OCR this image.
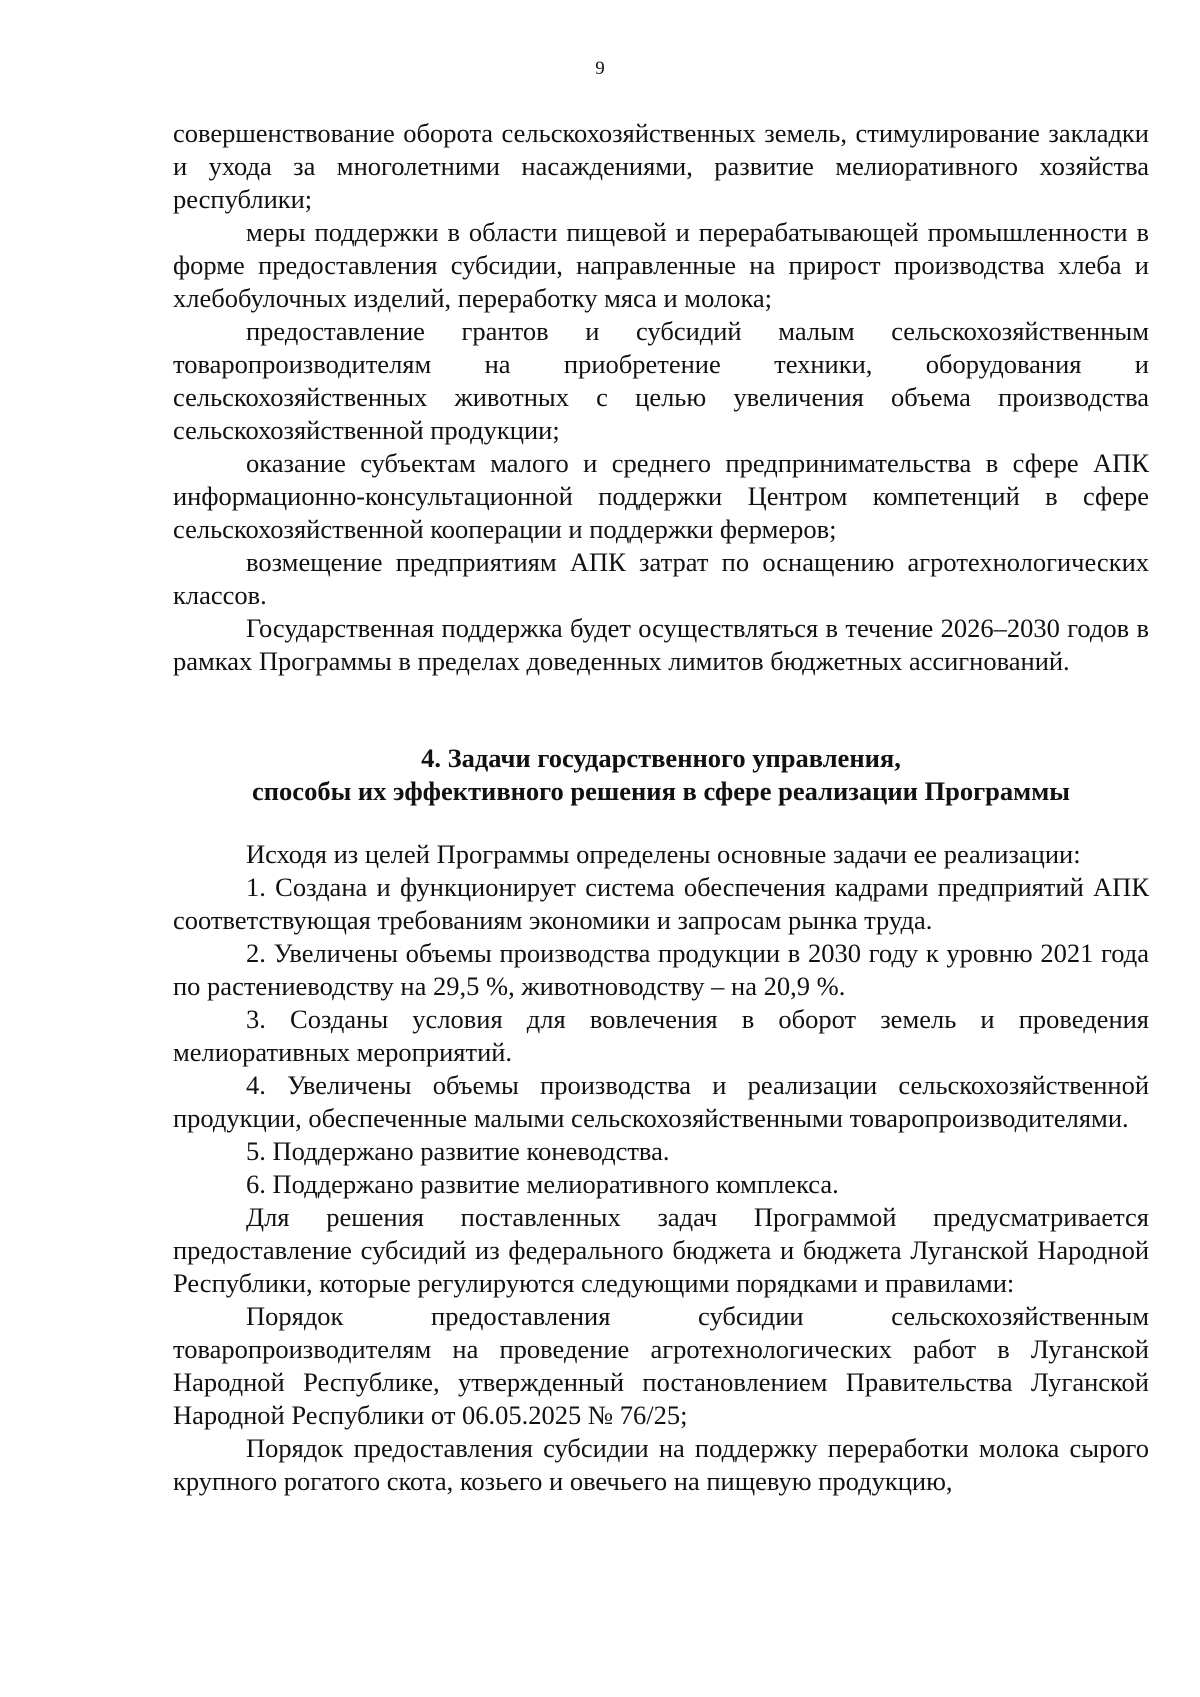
9

совершенствование оборота сельскохозяйственных земель, стимулирование закладки и ухода за многолетними насаждениями, развитие мелиоративного хозяйства республики;

меры поддержки в области пищевой и перерабатывающей промышленности в форме предоставления субсидии, направленные на прирост производства хлеба и хлебобулочных изделий, переработку мяса и молока;

предоставление грантов и субсидий малым сельскохозяйственным товаропроизводителям на приобретение техники, оборудования и сельскохозяйственных животных с целью увеличения объема производства сельскохозяйственной продукции;

оказание субъектам малого и среднего предпринимательства в сфере АПК информационно-консультационной поддержки Центром компетенций в сфере сельскохозяйственной кооперации и поддержки фермеров;

возмещение предприятиям АПК затрат по оснащению агротехнологических классов.

Государственная поддержка будет осуществляться в течение 2026–2030 годов в рамках Программы в пределах доведенных лимитов бюджетных ассигнований.

4. Задачи государственного управления,
способы их эффективного решения в сфере реализации Программы

Исходя из целей Программы определены основные задачи ее реализации:

1. Создана и функционирует система обеспечения кадрами предприятий АПК соответствующая требованиям экономики и запросам рынка труда.

2. Увеличены объемы производства продукции в 2030 году к уровню 2021 года по растениеводству на 29,5 %, животноводству – на 20,9 %.

3. Созданы условия для вовлечения в оборот земель и проведения мелиоративных мероприятий.

4. Увеличены объемы производства и реализации сельскохозяйственной продукции, обеспеченные малыми сельскохозяйственными товаропроизводителями.

5. Поддержано развитие коневодства.

6. Поддержано развитие мелиоративного комплекса.

Для решения поставленных задач Программой предусматривается предоставление субсидий из федерального бюджета и бюджета Луганской Народной Республики, которые регулируются следующими порядками и правилами:

Порядок предоставления субсидии сельскохозяйственным товаропроизводителям на проведение агротехнологических работ в Луганской Народной Республике, утвержденный постановлением Правительства Луганской Народной Республики от 06.05.2025 № 76/25;

Порядок предоставления субсидии на поддержку переработки молока сырого крупного рогатого скота, козьего и овечьего на пищевую продукцию,
